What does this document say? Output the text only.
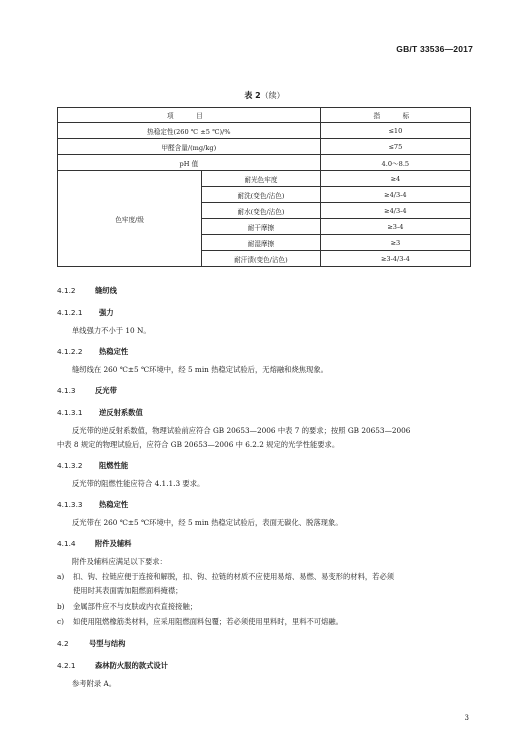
GB/T 33536—2017
表 2（续）
项　目		指　标
热稳定性(260 ℃ ±5 ℃)/%		≤10
甲醛含量/(mg/kg)		≤75
pH 值		4.0～8.5
色牢度/级	耐光色牢度	≥4
	耐洗(变色/沾色)	≥4/3-4
	耐水(变色/沾色)	≥4/3-4
	耐干摩擦	≥3-4
	耐湿摩擦	≥3
	耐汗渍(变色/沾色)	≥3-4/3-4
4.1.2	缝纫线
4.1.2.1 强力
单线强力不小于 10 N。
4.1.2.2 热稳定性
缝纫线在 260 ℃±5 ℃环境中，经 5 min 热稳定试验后，无熔融和烧焦现象。
4.1.3	反光带
4.1.3.1 逆反射系数值
反光带的逆反射系数值，物理试验前应符合 GB 20653—2006 中表 7 的要求；按照 GB 20653—2006
中表 8 规定的物理试验后，应符合 GB 20653—2006 中 6.2.2 规定的光学性能要求。
4.1.3.2 阻燃性能
反光带的阻燃性能应符合 4.1.1.3 要求。
4.1.3.3 热稳定性
反光带在 260 ℃±5 ℃环境中，经 5 min 热稳定试验后，表面无碳化、脱落现象。
4.1.4	附件及辅料
附件及辅料应满足以下要求：
a) 扣、钩、拉链应便于连接和解脱，扣、钩、拉链的材质不应使用易熔、易燃、易变形的材料，若必须
使用时其表面需加阻燃面料掩襟；
b) 金属部件应不与皮肤或内衣直接接触；
c) 如使用阻燃橡筋类材料，应采用阻燃面料包覆；若必须使用里料时，里料不可熔融。
4.2	号型与结构
4.2.1	森林防火服的款式设计
参考附录 A。
3
